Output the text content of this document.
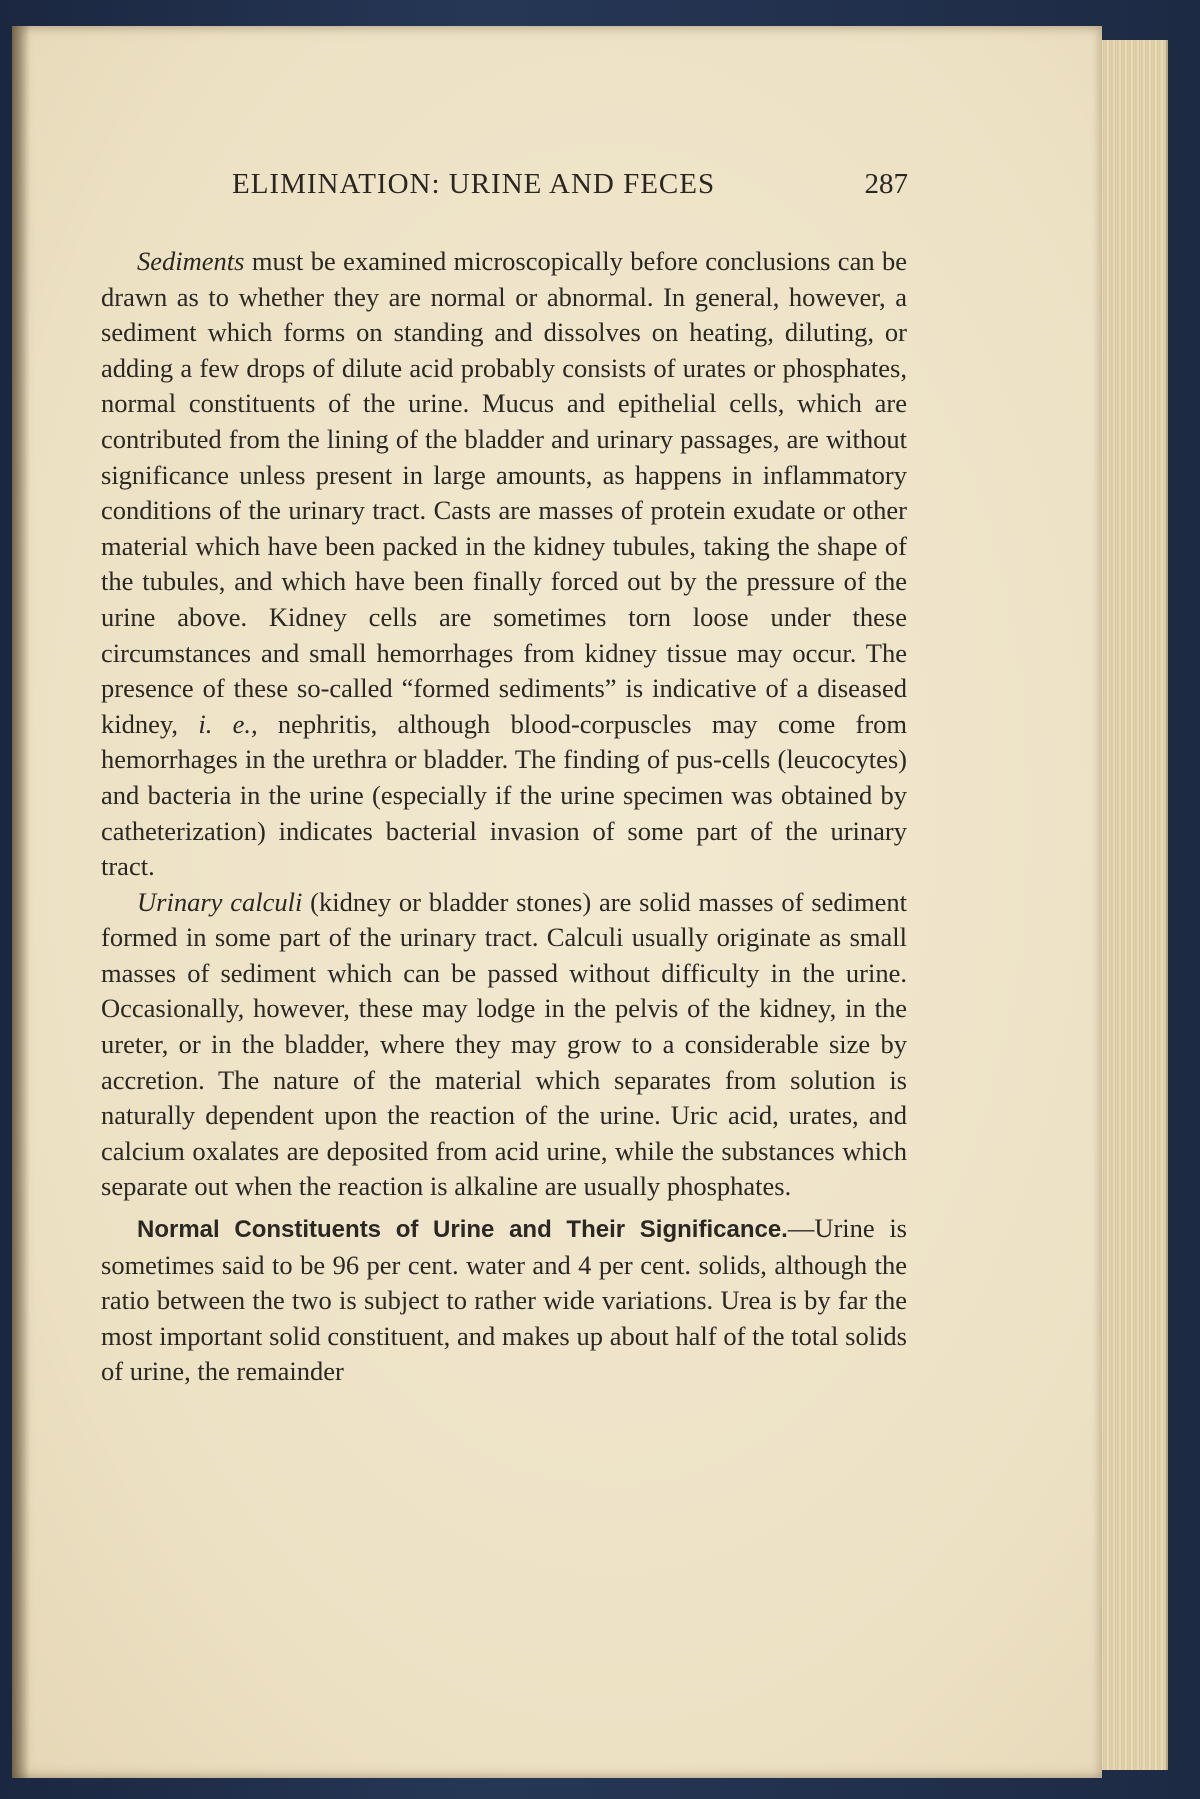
ELIMINATION: URINE AND FECES	287

Sediments must be examined microscopically before conclusions can be drawn as to whether they are normal or abnormal. In general, however, a sediment which forms on standing and dissolves on heating, diluting, or adding a few drops of dilute acid probably consists of urates or phosphates, normal constituents of the urine. Mucus and epithelial cells, which are contributed from the lining of the bladder and urinary passages, are without significance unless present in large amounts, as happens in inflammatory conditions of the urinary tract. Casts are masses of protein exudate or other material which have been packed in the kidney tubules, taking the shape of the tubules, and which have been finally forced out by the pressure of the urine above. Kidney cells are sometimes torn loose under these circumstances and small hemorrhages from kidney tissue may occur. The presence of these so-called “formed sediments” is indicative of a diseased kidney, i. e., nephritis, although blood-corpuscles may come from hemorrhages in the urethra or bladder. The finding of pus-cells (leucocytes) and bacteria in the urine (especially if the urine specimen was obtained by catheterization) indicates bacterial invasion of some part of the urinary tract.

Urinary calculi (kidney or bladder stones) are solid masses of sediment formed in some part of the urinary tract. Calculi usually originate as small masses of sediment which can be passed without difficulty in the urine. Occasionally, however, these may lodge in the pelvis of the kidney, in the ureter, or in the bladder, where they may grow to a considerable size by accretion. The nature of the material which separates from solution is naturally dependent upon the reaction of the urine. Uric acid, urates, and calcium oxalates are deposited from acid urine, while the substances which separate out when the reaction is alkaline are usually phosphates.

Normal Constituents of Urine and Their Significance.—Urine is sometimes said to be 96 per cent. water and 4 per cent. solids, although the ratio between the two is subject to rather wide variations. Urea is by far the most important solid constituent, and makes up about half of the total solids of urine, the remainder
